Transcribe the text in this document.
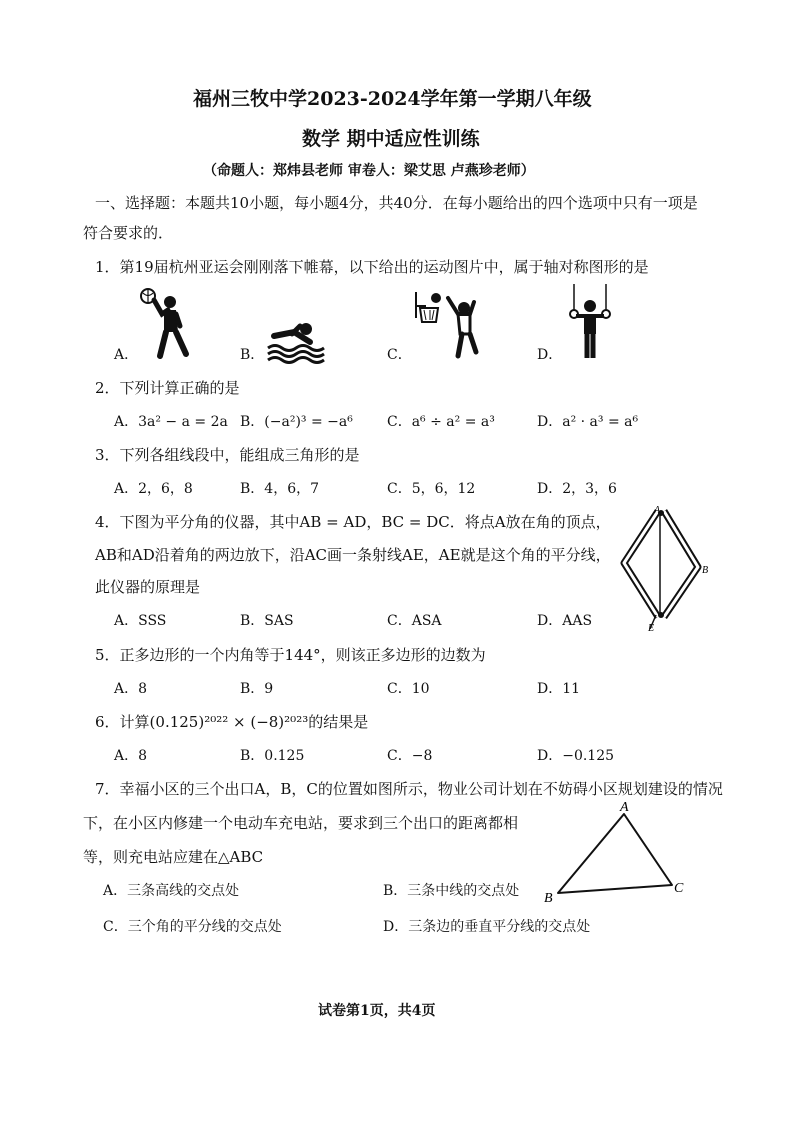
福州三牧中学2023-2024学年第一学期八年级
数学 期中适应性训练
（命题人：郑炜县老师 审卷人：梁艾思 卢燕珍老师）
一、选择题：本题共10小题，每小题4分，共40分．在每小题给出的四个选项中只有一项是
符合要求的．
1．第19届杭州亚运会刚刚落下帷幕，以下给出的运动图片中，属于轴对称图形的是
A．	B．	C．	D．
2．下列计算正确的是
A．3a² − a = 2a B．(−a²)³ = −a⁶ C．a⁶ ÷ a² = a³	D．a² · a³ = a⁶
3．下列各组线段中，能组成三角形的是
A．2，6，8	B．4，6，7	C．5，6，12	D．2，3，6
4．下图为平分角的仪器，其中AB = AD，BC = DC．将点A放在角的顶点，
AB和AD沿着角的两边放下，沿AC画一条射线AE，AE就是这个角的平分线，
此仪器的原理是
A．SSS	B．SAS	C．ASA	D．AAS
A
B
E
5．正多边形的一个内角等于144°，则该正多边形的边数为
A．8	B．9	C．10	D．11
6．计算(0.125)²⁰²² × (−8)²⁰²³的结果是
A．8	B．0.125	C．−8	D．−0.125
7．幸福小区的三个出口A，B，C的位置如图所示，物业公司计划在不妨碍小区规划建设的情况
下，在小区内修建一个电动车充电站，要求到三个出口的距离都相
等，则充电站应建在△ABC
A．三条高线的交点处	B．三条中线的交点处
C．三个角的平分线的交点处	D．三条边的垂直平分线的交点处
A
B
C
试卷第1页，共4页
